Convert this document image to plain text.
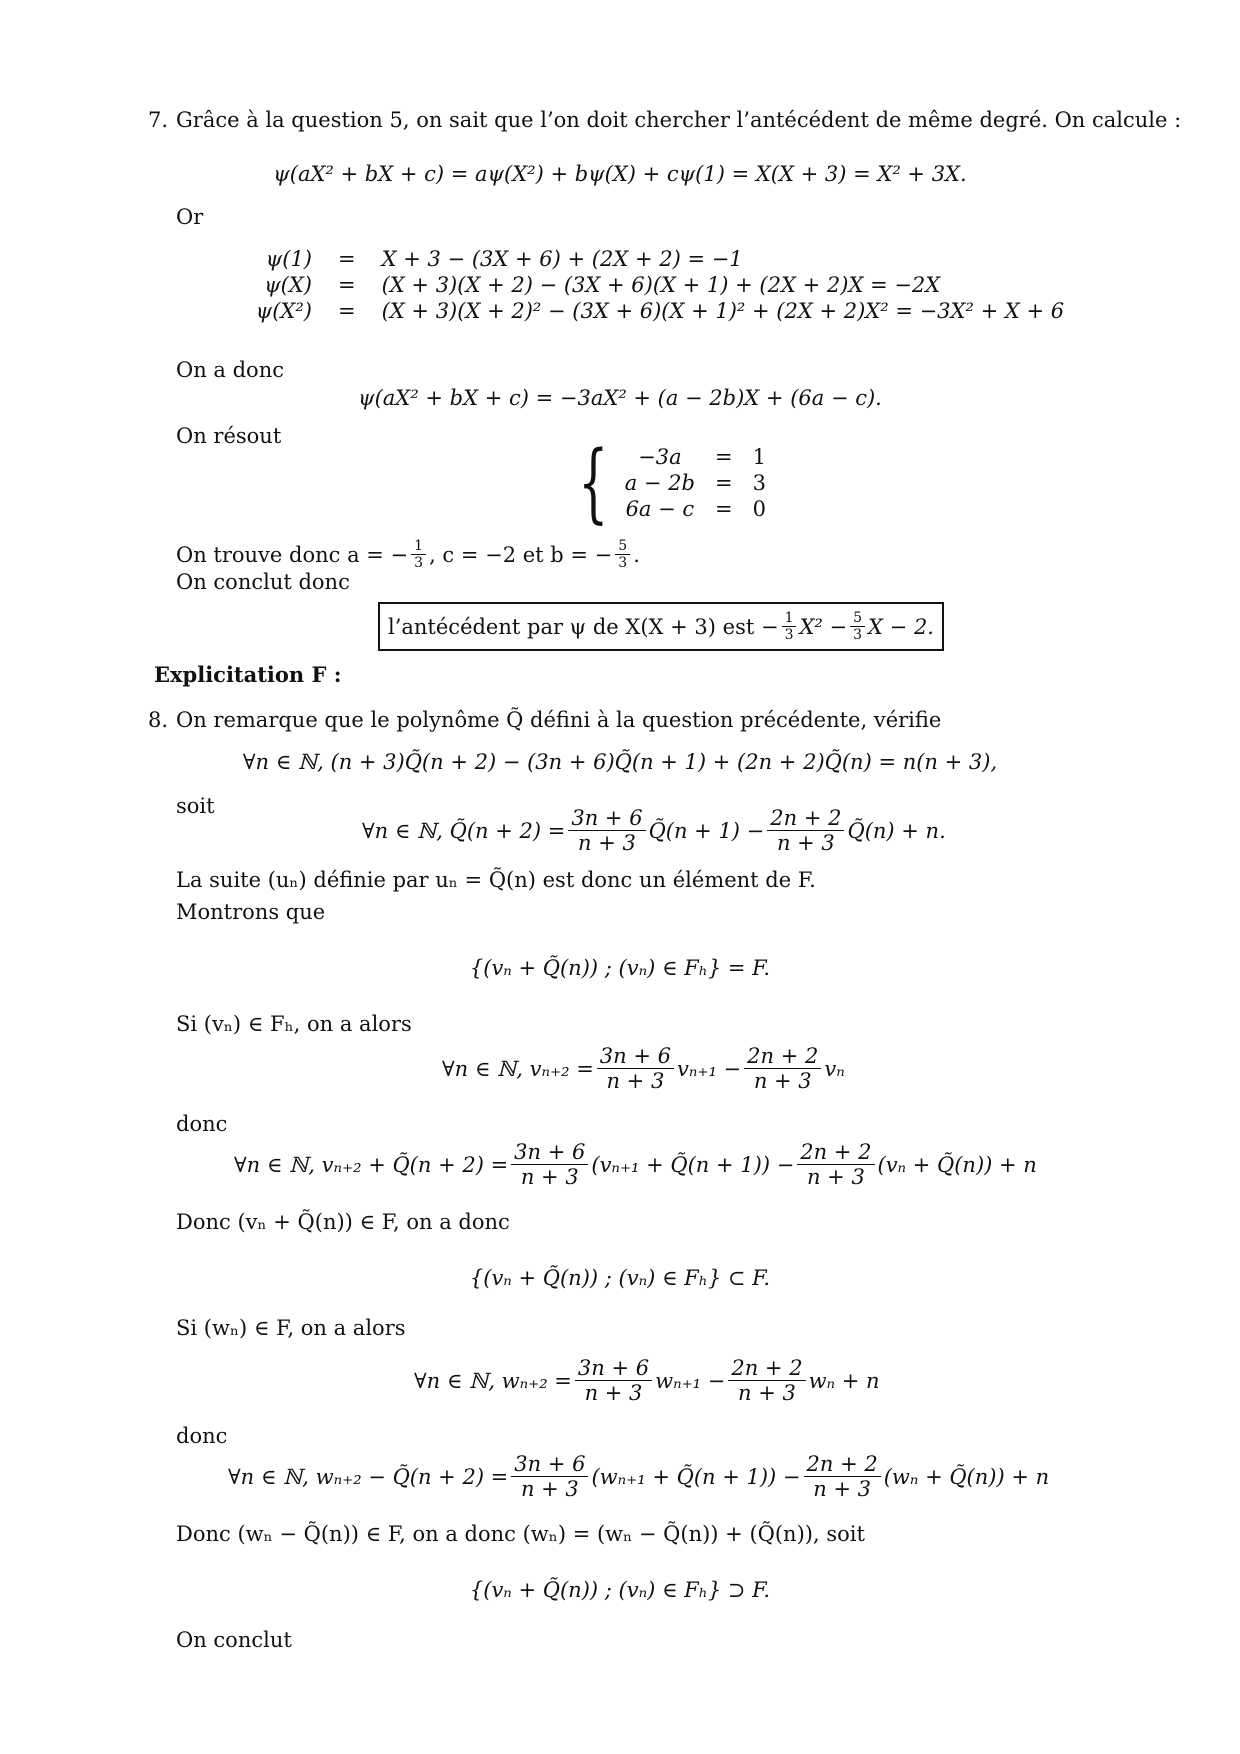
7. Grâce à la question 5, on sait que l’on doit chercher l’antécédent de même degré. On calcule :
ψ(aX² + bX + c) = aψ(X²) + bψ(X) + cψ(1) = X(X + 3) = X² + 3X.
Or
ψ(1)	=	X + 3 − (3X + 6) + (2X + 2) = −1
ψ(X)	=	(X + 3)(X + 2) − (3X + 6)(X + 1) + (2X + 2)X = −2X
ψ(X²)	=	(X + 3)(X + 2)² − (3X + 6)(X + 1)² + (2X + 2)X² = −3X² + X + 6
On a donc
ψ(aX² + bX + c) = −3aX² + (a − 2b)X + (6a − c).
On résout	{ −3a	=	1
a − 2b	=	3
6a − c	=	0
On trouve donc a = − $\frac{1}{3}$ , c = −2 et b = − $\frac{5}{3}$ .
On conclut donc
l’antécédent par ψ de X(X + 3) est − $\frac{1}{3} X^2 - \frac{5}{3}$ X − 2.
Explicitation F :
8. On remarque que le polynôme Q̃ défini à la question précédente, vérifie
∀n ∈ ℕ, (n + 3)Q̃(n + 2) − (3n + 6)Q̃(n + 1) + (2n + 2)Q̃(n) = n(n + 3),
soit
∀n ∈ ℕ, Q̃(n + $2) = \frac{3n + 6}{n + 3}$ Q̃(n + $1) - \frac{2n + 2}{n + 3}$ Q̃(n) + n.
La suite (uₙ) définie par uₙ = Q̃(n) est donc un élément de F.
Montrons que
{(vₙ + Q̃(n)) ; (vₙ) ∈ Fₕ} = F.
Si (vₙ) ∈ Fₕ, on a alors
∀n ∈ ℕ, $v_{n+2} = \frac{3n + 6}{n + 3} v_{n+1} - \frac{2n + 2}{n + 3}$ vₙ
donc
∀n ∈ ℕ, vₙ₊₂ + Q̃(n + $2) = \frac{3n + 6}{n + 3} (v_{n+1}$ + Q̃(n + $1)) - \frac{2n + 2}{n + 3} (v_n$ + Q̃(n)) + n
Donc (vₙ + Q̃(n)) ∈ F, on a donc
{(vₙ + Q̃(n)) ; (vₙ) ∈ Fₕ} ⊂ F.
Si (wₙ) ∈ F, on a alors
∀n ∈ ℕ, $w_{n+2} = \frac{3n + 6}{n + 3} w_{n+1} - \frac{2n + 2}{n + 3}$ wₙ + n
donc
∀n ∈ ℕ, wₙ₊₂ − Q̃(n + $2) = \frac{3n + 6}{n + 3} (w_{n+1}$ + Q̃(n + $1)) - \frac{2n + 2}{n + 3} (w_n$ + Q̃(n)) + n
Donc (wₙ − Q̃(n)) ∈ F, on a donc (wₙ) = (wₙ − Q̃(n)) + (Q̃(n)), soit
{(vₙ + Q̃(n)) ; (vₙ) ∈ Fₕ} ⊃ F.
On conclut
